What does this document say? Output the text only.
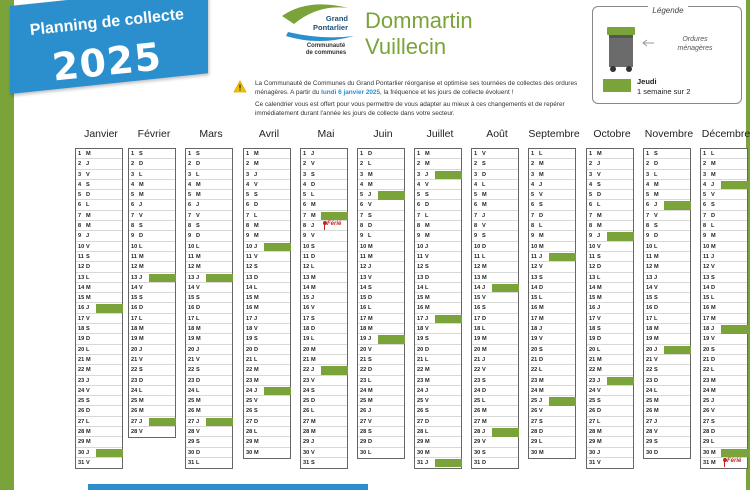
Planning de collecte
2025
Grand
Pontarlier
Communauté
de communes
Dommartin
Vuillecin
Légende
Ordures
ménagères
Jeudi
1 semaine sur 2
La Communauté de Communes du Grand Pontarlier réorganise et optimise ses tournées de collectes des ordures ménagères. A partir du lundi 6 janvier 2025, la fréquence et les jours de collecte évoluent !
Ce calendrier vous est offert pour vous permettre de vous adapter au mieux à ces changements et de repérer immédiatement durant l'année les jours de collecte dans votre secteur.
Janvier
1 M
2 J
3 V
4 S
5 D
6 L
7 M
8 M
9 J
10 V
11 S
12 D
13 L
14 M
15 M
16 J
17 V
18 S
19 D
20 L
21 M
22 M
23 J
24 V
25 S
26 D
27 L
28 M
29 M
30 J
31 V
Février
1 S
2 D
3 L
4 M
5 M
6 J
7 V
8 S
9 D
10 L
11 M
12 M
13 J
14 V
15 S
16 D
17 L
18 M
19 M
20 J
21 V
22 S
23 D
24 L
25 M
26 M
27 J
28 V
Mars
1 S
2 D
3 L
4 M
5 M
6 J
7 V
8 S
9 D
10 L
11 M
12 M
13 J
14 V
15 S
16 D
17 L
18 M
19 M
20 J
21 V
22 S
23 D
24 L
25 M
26 M
27 J
28 V
29 S
30 D
31 L
Avril
1 M
2 M
3 J
4 V
5 S
6 D
7 L
8 M
9 M
10 J
11 V
12 S
13 D
14 L
15 M
16 M
17 J
18 V
19 S
20 D
21 L
22 M
23 M
24 J
25 V
26 S
27 D
28 L
29 M
30 M
Mai
1 J
2 V
3 S
4 D
5 L
6 M
7 M
8 J
9 V
10 S
11 D
12 L
13 M
14 M
15 J
16 V
17 S
18 D
19 L
20 M
21 M
22 J
23 V
24 S
25 D
26 L
27 M
28 M
29 J
30 V
31 S
Férié
Juin
1 D
2 L
3 M
4 M
5 J
6 V
7 S
8 D
9 L
10 M
11 M
12 J
13 V
14 S
15 D
16 L
17 M
18 M
19 J
20 V
21 S
22 D
23 L
24 M
25 M
26 J
27 V
28 S
29 D
30 L
Juillet
1 M
2 M
3 J
4 V
5 S
6 D
7 L
8 M
9 M
10 J
11 V
12 S
13 D
14 L
15 M
16 M
17 J
18 V
19 S
20 D
21 L
22 M
23 M
24 J
25 V
26 S
27 D
28 L
29 M
30 M
31 J
Août
1 V
2 S
3 D
4 L
5 M
6 M
7 J
8 V
9 S
10 D
11 L
12 M
13 M
14 J
15 V
16 S
17 D
18 L
19 M
20 M
21 J
22 V
23 S
24 D
25 L
26 M
27 M
28 J
29 V
30 S
31 D
Septembre
1 L
2 M
3 M
4 J
5 V
6 S
7 D
8 L
9 M
10 M
11 J
12 V
13 S
14 D
15 L
16 M
17 M
18 J
19 V
20 S
21 D
22 L
23 M
24 M
25 J
26 V
27 S
28 D
29 L
30 M
Octobre
1 M
2 J
3 V
4 S
5 D
6 L
7 M
8 M
9 J
10 V
11 S
12 D
13 L
14 M
15 M
16 J
17 V
18 S
19 D
20 L
21 M
22 M
23 J
24 V
25 S
26 D
27 L
28 M
29 M
30 J
31 V
Novembre
1 S
2 D
3 L
4 M
5 M
6 J
7 V
8 S
9 D
10 L
11 M
12 M
13 J
14 V
15 S
16 D
17 L
18 M
19 M
20 J
21 V
22 S
23 D
24 L
25 M
26 M
27 J
28 V
29 S
30 D
Décembre
1 L
2 M
3 M
4 J
5 V
6 S
7 D
8 L
9 M
10 M
11 J
12 V
13 S
14 D
15 L
16 M
17 M
18 J
19 V
20 S
21 D
22 L
23 M
24 M
25 J
26 V
27 S
28 D
29 L
30 M
31 M Férié
